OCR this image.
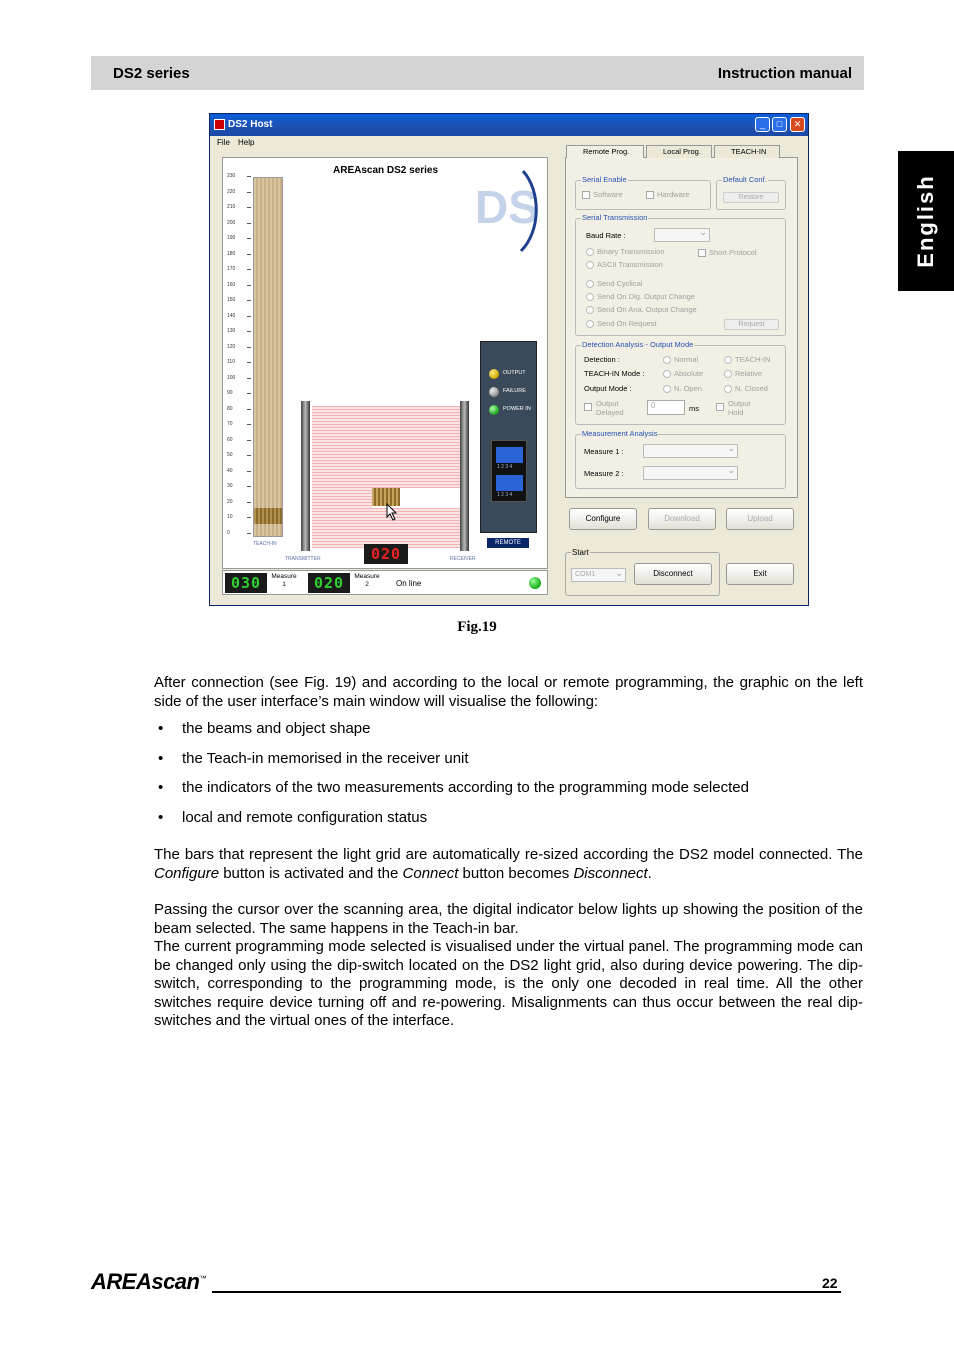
DS2 series	Instruction manual
English
DS2 Host	_	□	✕
File Help
AREAscan DS2 series
DS
230
220
210
200
190
180
170
160
150
140
130
120
110
100
90
80
70
60
50
40
30
20
10
0
TEACH-IN
TRANSMITTER	RECEIVER
020
OUTPUT
FAILURE
POWER IN
1 2 3 4
1 2 3 4
REMOTE
030	Measure
1	020	Measure
2	On line
Remote Prog.	Local Prog.	TEACH-IN
Serial Enable
Software	Hardware
Default Conf.
Restore
Serial Transmission
Baud Rate :
⌄
Binary Transmission	Short Protocol
ASCII Transmission
Send Cyclical
Send On Dig. Output Change
Send On Ana. Output Change
Send On Request	Request
Detection Analysis - Output Mode
Detection :	Normal	TEACH-IN
TEACH-IN Mode :	Absolute	Relative
Output Mode :	N. Open	N. Closed
Output Delayed
0	ms
Output Hold
Measurement Analysis
Measure 1 :
⌄
Measure 2 :
⌄
Configure	Download	Upload
Start
COM1 ⌄	Disconnect	Exit
Fig.19
After connection (see Fig. 19) and according to the local or remote programming, the graphic on the left side of the user interface’s main window will visualise the following:
• the beams and object shape
• the Teach-in memorised in the receiver unit
• the indicators of the two measurements according to the programming mode selected
• local and remote configuration status
The bars that represent the light grid are automatically re-sized according the DS2 model connected. The Configure button is activated and the Connect button becomes Disconnect.
Passing the cursor over the scanning area, the digital indicator below lights up showing the position of the beam selected. The same happens in the Teach-in bar.
The current programming mode selected is visualised under the virtual panel. The programming mode can be changed only using the dip-switch located on the DS2 light grid, also during device powering. The dip-switch, corresponding to the programming mode, is the only one decoded in real time. All the other switches require device turning off and re-powering. Misalignments can thus occur between the real dip-switches and the virtual ones of the interface.
AREAscan™	22
